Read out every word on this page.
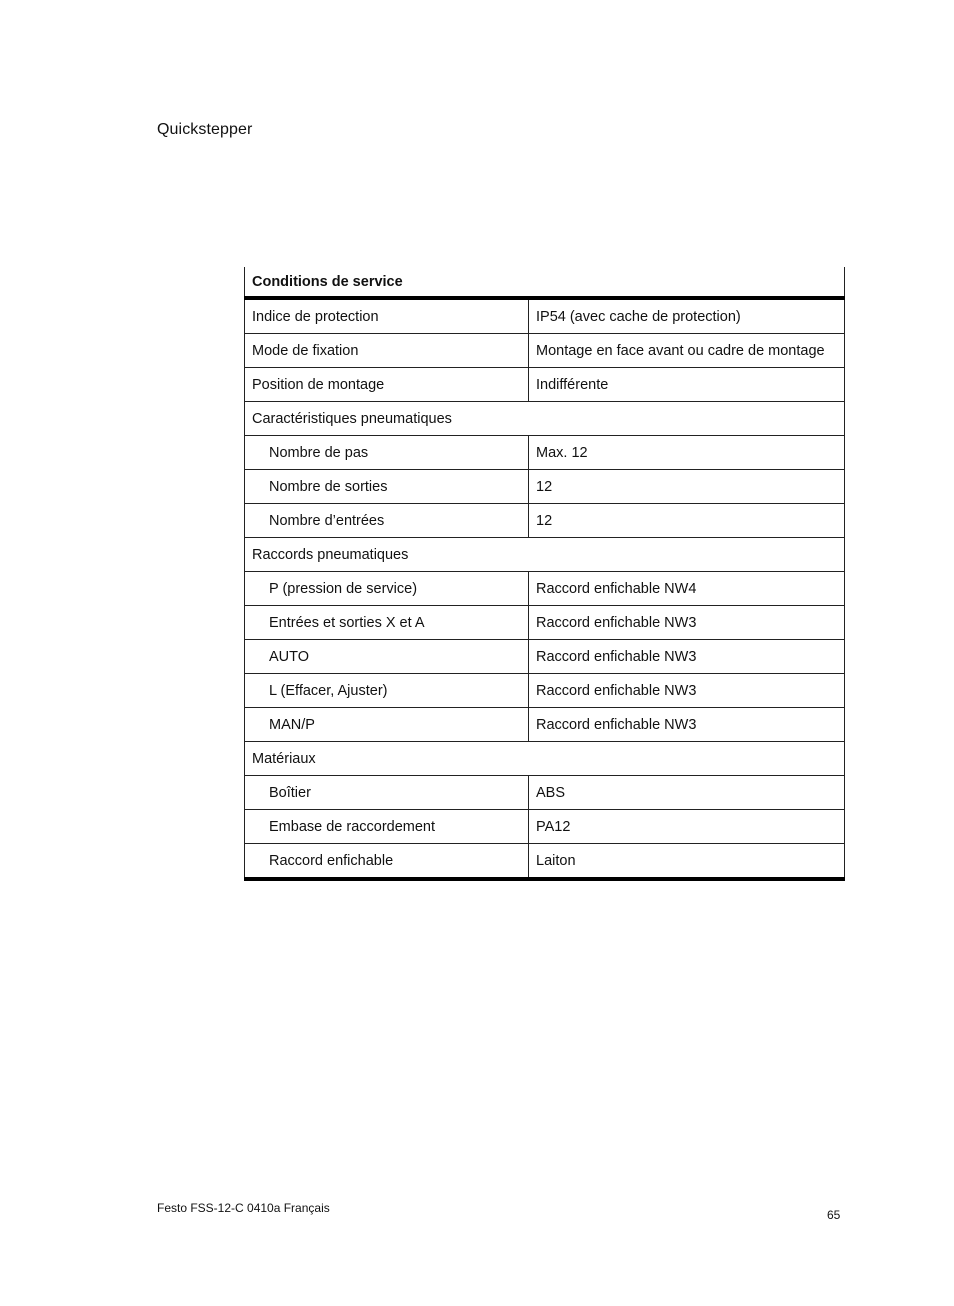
Quickstepper
Conditions de service	
Indice de protection	IP54 (avec cache de protection)
Mode de fixation	Montage en face avant ou cadre de montage
Position de montage	Indifférente
Caractéristiques pneumatiques	
Nombre de pas	Max. 12
Nombre de sorties	12
Nombre d’entrées	12
Raccords pneumatiques	
P (pression de service)	Raccord enfichable NW4
Entrées et sorties X et A	Raccord enfichable NW3
AUTO	Raccord enfichable NW3
L (Effacer, Ajuster)	Raccord enfichable NW3
MAN/P	Raccord enfichable NW3
Matériaux	
Boîtier	ABS
Embase de raccordement	PA12
Raccord enfichable	Laiton
Festo FSS-12-C 0410a Français	65
